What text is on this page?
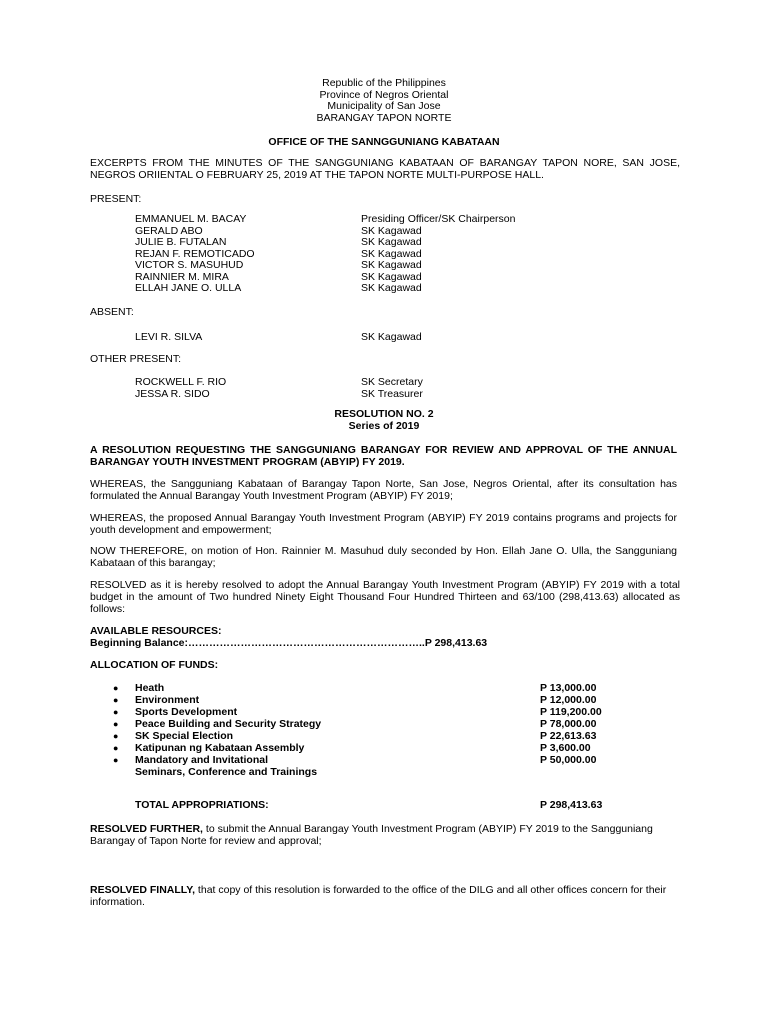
Republic of the Philippines
Province of Negros Oriental
Municipality of San Jose
BARANGAY TAPON NORTE
OFFICE OF THE SANNGGUNIANG KABATAAN
EXCERPTS FROM THE MINUTES OF THE SANGGUNIANG KABATAAN OF BARANGAY TAPON NORE, SAN JOSE, NEGROS ORIIENTAL O FEBRUARY 25, 2019 AT THE TAPON NORTE MULTI-PURPOSE HALL.
PRESENT:
EMMANUEL M. BACAY	Presiding Officer/SK Chairperson
GERALD ABO	SK Kagawad
JULIE B. FUTALAN	SK Kagawad
REJAN F. REMOTICADO	SK Kagawad
VICTOR S. MASUHUD	SK Kagawad
RAINNIER M. MIRA	SK Kagawad
ELLAH JANE O. ULLA	SK Kagawad
ABSENT:
LEVI R. SILVA	SK Kagawad
OTHER PRESENT:
ROCKWELL F. RIO	SK Secretary
JESSA R. SIDO	SK Treasurer
RESOLUTION NO. 2
Series of 2019
A RESOLUTION REQUESTING THE SANGGUNIANG BARANGAY FOR REVIEW AND APPROVAL OF THE ANNUAL BARANGAY YOUTH INVESTMENT PROGRAM (ABYIP) FY 2019.
WHEREAS, the Sangguniang Kabataan of Barangay Tapon Norte, San Jose, Negros Oriental, after its consultation has formulated the Annual Barangay Youth Investment Program (ABYIP) FY 2019;
WHEREAS, the proposed Annual Barangay Youth Investment Program (ABYIP) FY 2019 contains programs and projects for youth development and empowerment;
NOW THEREFORE, on motion of Hon. Rainnier M. Masuhud duly seconded by Hon. Ellah Jane O. Ulla, the Sangguniang Kabataan of this barangay;
RESOLVED as it is hereby resolved to adopt the Annual Barangay Youth Investment Program (ABYIP) FY 2019 with a total budget in the amount of Two hundred Ninety Eight Thousand Four Hundred Thirteen and 63/100 (298,413.63) allocated as follows:
AVAILABLE RESOURCES:
Beginning Balance:…………………………………………………………..P 298,413.63
ALLOCATION OF FUNDS:
● Heath	P 13,000.00
● Environment	P 12,000.00
● Sports Development	P 119,200.00
● Peace Building and Security Strategy	P 78,000.00
● SK Special Election	P 22,613.63
● Katipunan ng Kabataan Assembly	P 3,600.00
● Mandatory and Invitational	P 50,000.00
Seminars, Conference and Trainings
TOTAL APPROPRIATIONS:	P 298,413.63
RESOLVED FURTHER, to submit the Annual Barangay Youth Investment Program (ABYIP) FY 2019 to the Sangguniang Barangay of Tapon Norte for review and approval;
RESOLVED FINALLY, that copy of this resolution is forwarded to the office of the DILG and all other offices concern for their information.
